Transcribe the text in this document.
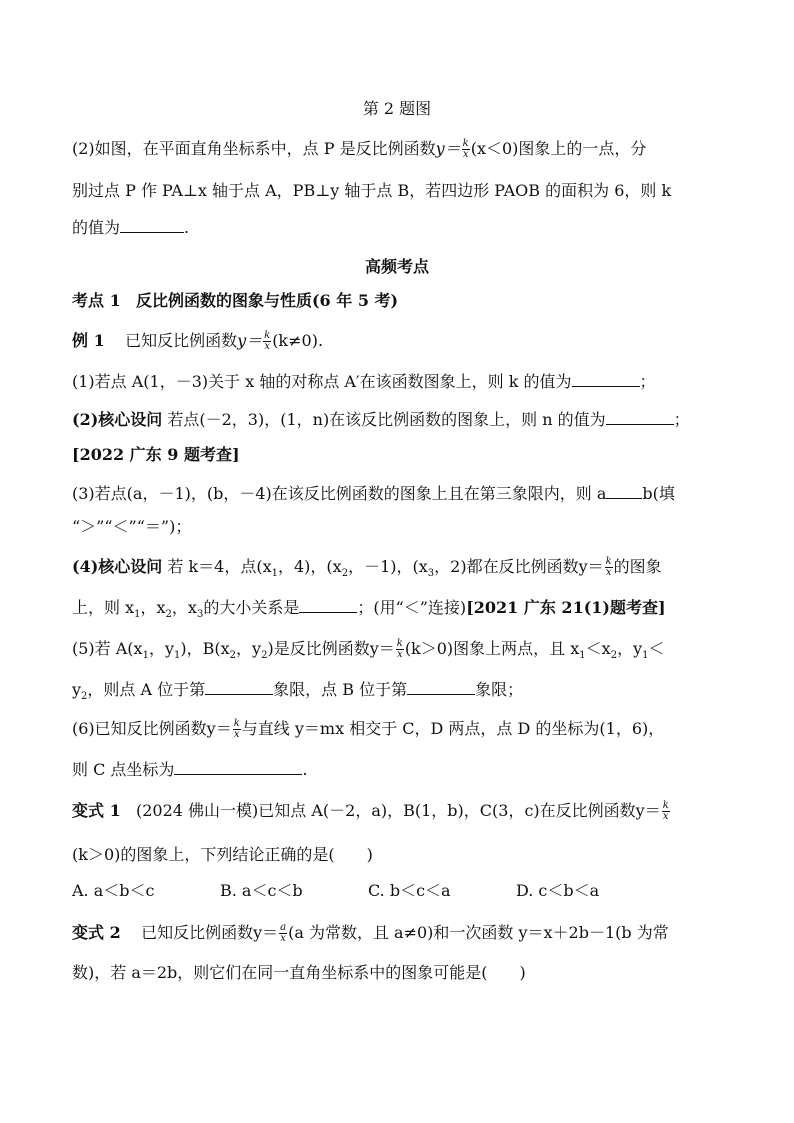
第 2 题图
(2)如图，在平面直角坐标系中，点 P 是反比例函数$y= \frac{k}{x} (x<0)$图象上的一点，分
别过点 P 作 PA⊥x 轴于点 A，PB⊥y 轴于点 B，若四边形 PAOB 的面积为 6，则 k
的值为	.
高频考点
考点 1 反比例函数的图象与性质(6 年 5 考)
例 1 已知反比例函数$y= \frac{k}{x} (k\ne 0)$.
(1)若点 A(1，－3)关于 x 轴的对称点 A′在该函数图象上，则 k 的值为	；
(2)核心设问 若点(－2，3)，(1，n)在该反比例函数的图象上，则 n 的值为	；
[2022 广东 9 题考查]
(3)若点(a，－1)，(b，－4)在该反比例函数的图象上且在第三象限内，则 a b(填
“＞”“＜”“＝”)；
(4)核心设问 若 k＝4，点($x_1$，4)，($x_2$，－1)，($x_3$，2)都在反比例函数$y= \frac{k}{x}$ 的图象
上，则 $x_1$，$x_2$，$x_3$的大小关系是	；(用“＜”连接)[2021 广东 21(1)题考查]
(5)若 $A(x_1$，$y_1$)，$B(x_2$，$y_2$)是反比例函数$y= \frac{k}{x} (k>0)$图象上两点，且 $x_1<x_2$，$y_1<$
$y_2$，则点 A 位于第	象限，点 B 位于第	象限；
(6)已知反比例函数$y= \frac{k}{x}$ 与直线 y＝mx 相交于 C，D 两点，点 D 的坐标为(1，6)，
则 C 点坐标为	.
变式 1 (2024 佛山一模)已知点 A(－2，a)，B(1，b)，C(3，c)在反比例函数$y= \frac{k}{x}$
(k＞0)的图象上，下列结论正确的是(　　)
A. a＜b＜c	B. a＜c＜b	C. b＜c＜a	D. c＜b＜a
变式 2 已知反比例函数$y= \frac{a}{x} (a$ 为常数，且 a≠0)和一次函数 y＝x＋2b－1(b 为常
数)，若 a＝2b，则它们在同一直角坐标系中的图象可能是(　　)
